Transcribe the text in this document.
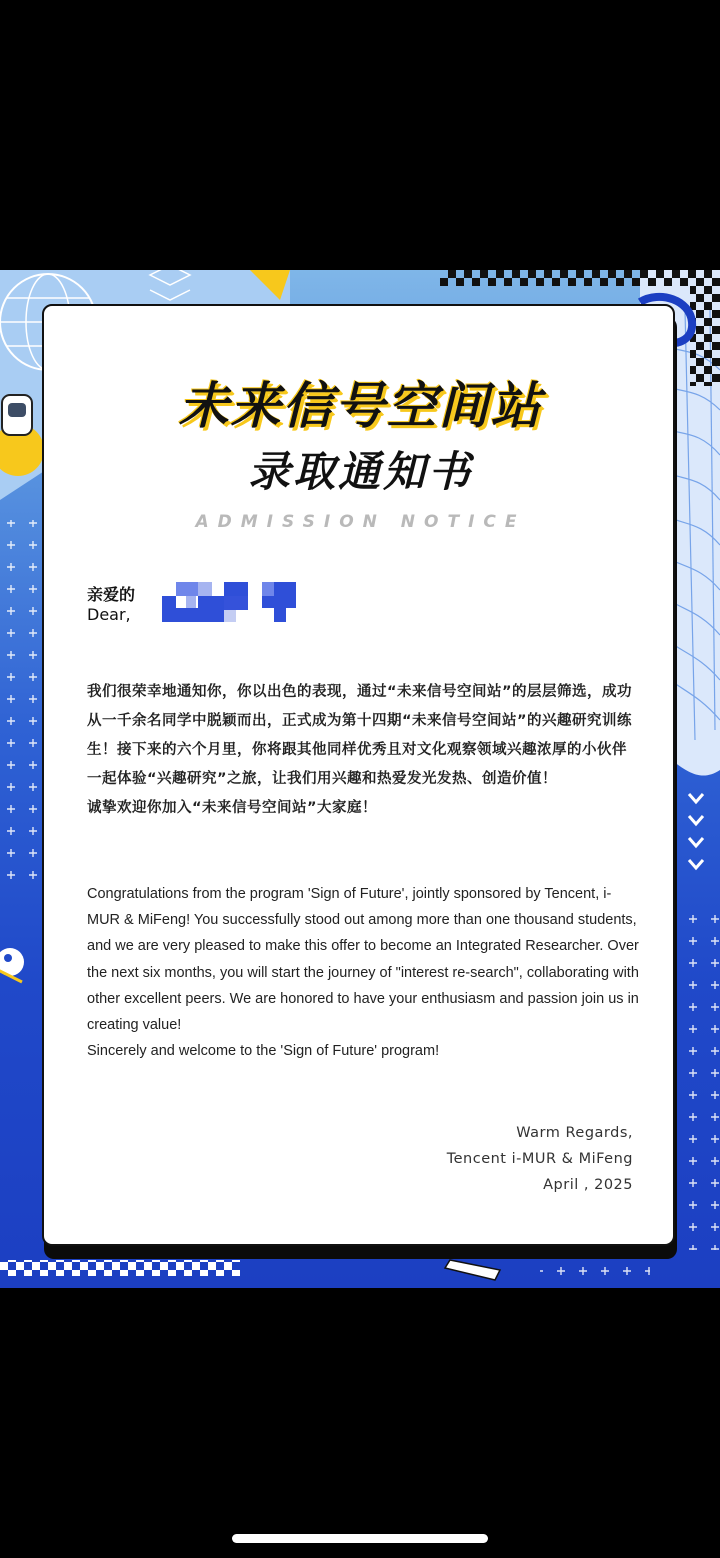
未来信号空间站
录取通知书
ADMISSION NOTICE
亲爱的
Dear,

我们很荣幸地通知你，你以出色的表现，通过“未来信号空间站”的层层筛选，成功从一千余名同学中脱颖而出，正式成为第十四期“未来信号空间站”的兴趣研究训练生！接下来的六个月里，你将跟其他同样优秀且对文化观察领域兴趣浓厚的小伙伴一起体验“兴趣研究”之旅，让我们用兴趣和热爱发光发热、创造价值！

诚挚欢迎你加入“未来信号空间站”大家庭！

Congratulations from the program 'Sign of Future', jointly sponsored by Tencent, i-MUR & MiFeng! You successfully stood out among more than one thousand students, and we are very pleased to make this offer to become an Integrated Researcher. Over the next six months, you will start the journey of "interest re-search", collaborating with other excellent peers. We are honored to have your enthusiasm and passion join us in creating value!

Sincerely and welcome to the 'Sign of Future' program!

Warm Regards,
Tencent i-MUR & MiFeng
April , 2025
